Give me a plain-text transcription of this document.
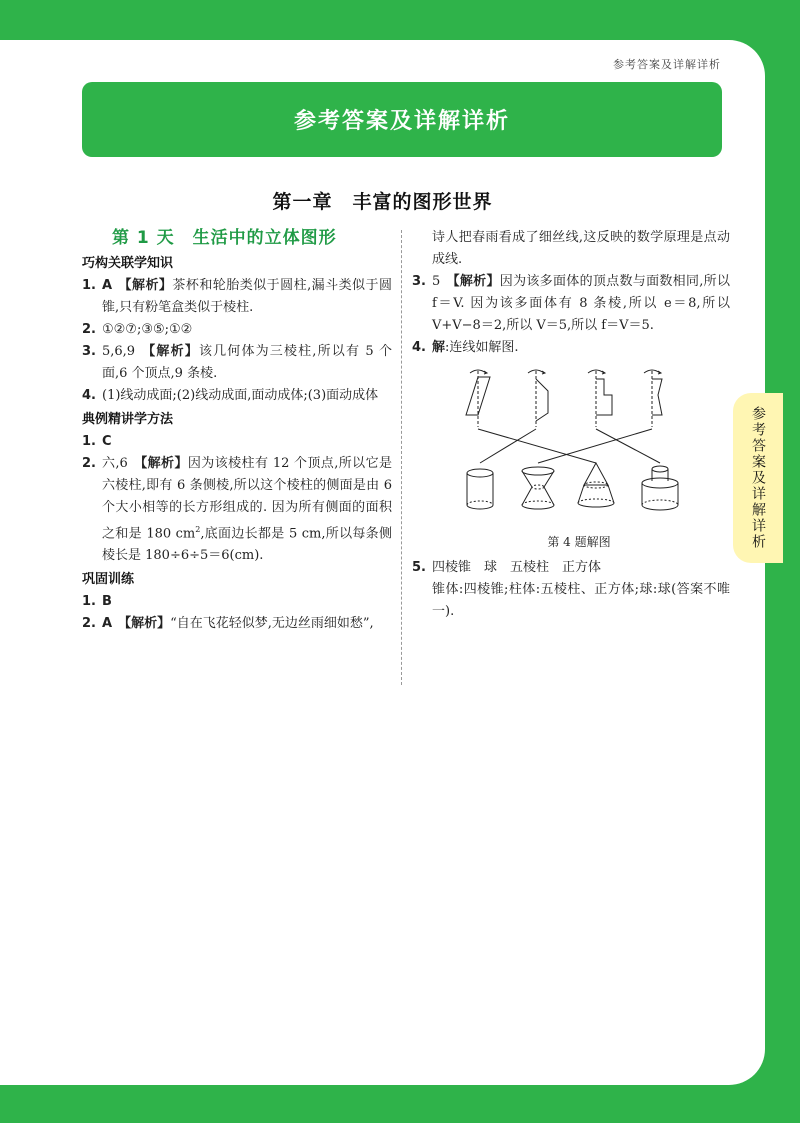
参考答案及详解详析
参考答案及详解详析
第一章　丰富的图形世界
第 1 天　生活中的立体图形
巧构关联学知识
1. A 【解析】茶杯和轮胎类似于圆柱,漏斗类似于圆锥,只有粉笔盒类似于棱柱.
2. ①②⑦;③⑤;①②
3. 5,6,9 【解析】该几何体为三棱柱,所以有 5 个面,6 个顶点,9 条棱.
4. (1)线动成面;(2)线动成面,面动成体;(3)面动成体
典例精讲学方法
1. C
2. 六,6 【解析】因为该棱柱有 12 个顶点,所以它是六棱柱,即有 6 条侧棱,所以这个棱柱的侧面是由 6 个大小相等的长方形组成的. 因为所有侧面的面积之和是 180 $cm^2$,底面边长都是 5 cm,所以每条侧棱长是 180÷6÷5＝6(cm).
巩固训练
1. B
2. A 【解析】“自在飞花轻似梦,无边丝雨细如愁”,
诗人把春雨看成了细丝线,这反映的数学原理是点动成线.
3. 5 【解析】因为该多面体的顶点数与面数相同,所以 f＝V. 因为该多面体有 8 条棱,所以 e＝8,所以 V+V−8＝2,所以 V＝5,所以 f＝V＝5.
4. 解:连线如解图.
第 4 题解图
5. 四棱锥　球　五棱柱　正方体
锥体:四棱锥;柱体:五棱柱、正方体;球:球(答案不唯一).
参考答案及详解详析
